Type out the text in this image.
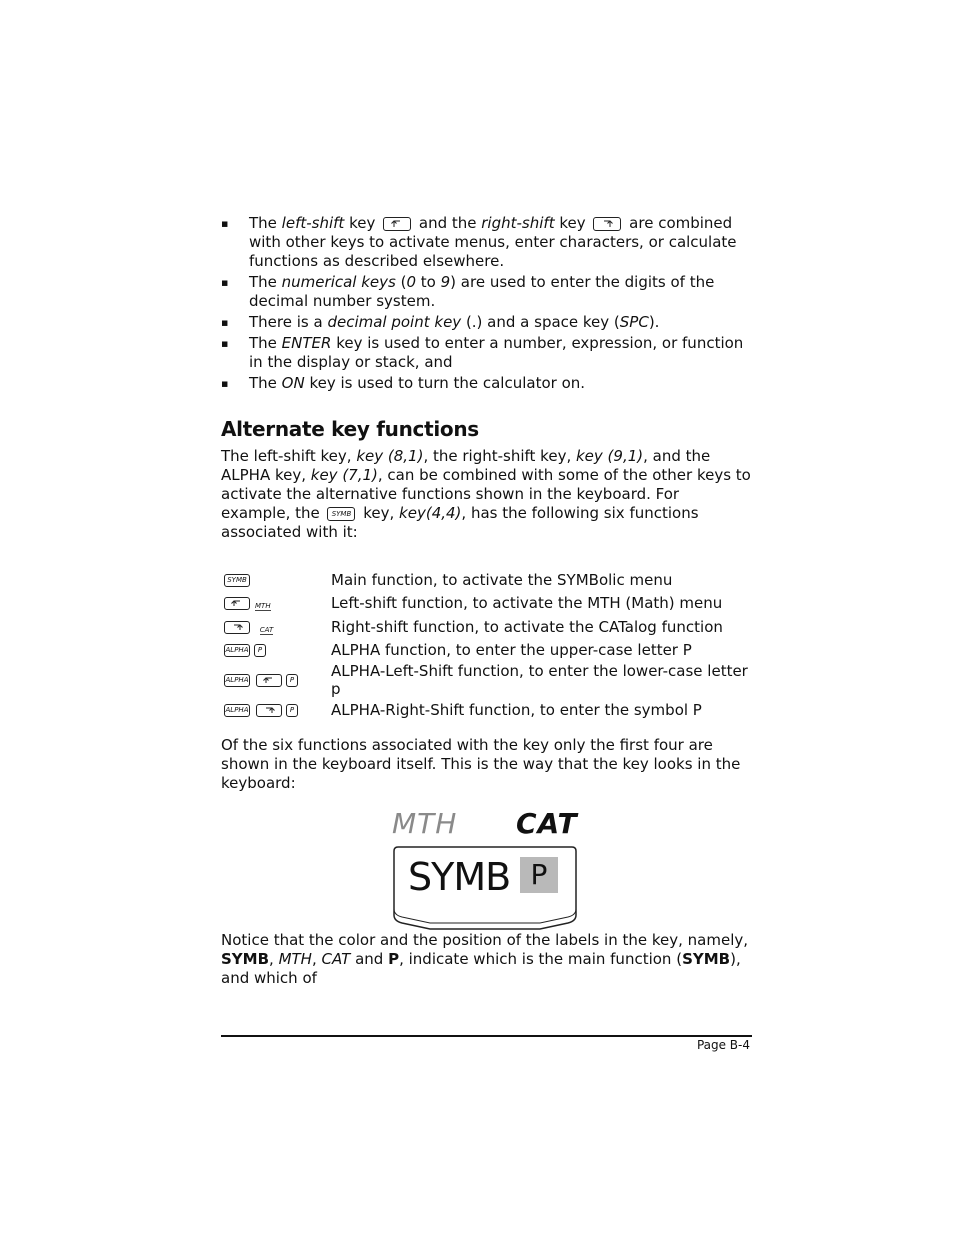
▪ The left-shift key	and the right-shift key	are combined with other keys to activate menus, enter characters, or calculate functions as described elsewhere.
▪ The numerical keys (0 to 9) are used to enter the digits of the decimal number system.
▪ There is a decimal point key (.) and a space key (SPC).
▪ The ENTER key is used to enter a number, expression, or function in the display or stack, and
▪ The ON key is used to turn the calculator on.
Alternate key functions

The left-shift key, key (8,1), the right-shift key, key (9,1), and the ALPHA key, key (7,1), can be combined with some of the other keys to activate the alternative functions shown in the keyboard. For example, the SYMB key, key(4,4), has the following six functions associated with it:

SYMB	Main function, to activate the SYMBolic menu

MTH	Left-shift function, to activate the MTH (Math) menu

CAT	Right-shift function, to activate the CATalog function
ALPHA P	ALPHA function, to enter the upper-case letter P
ALPHA P	ALPHA-Left-Shift function, to enter the lower-case letter p
ALPHA P	ALPHA-Right-Shift function, to enter the symbol P

Of the six functions associated with the key only the first four are shown in the keyboard itself. This is the way that the key looks in the keyboard:

MTH CAT
SYMB P

Notice that the color and the position of the labels in the key, namely, SYMB, MTH, CAT and P, indicate which is the main function (SYMB), and which of

Page B-4
